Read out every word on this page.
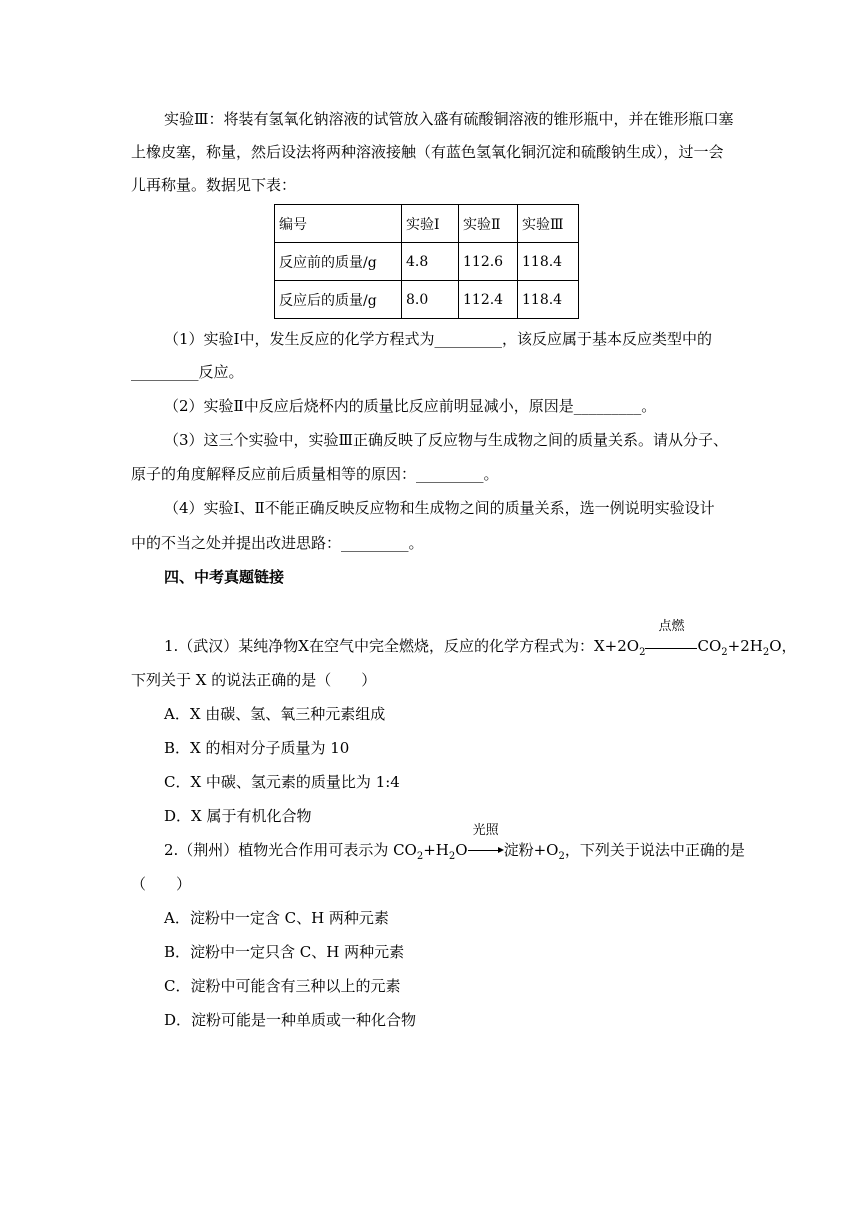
实验Ⅲ：将装有氢氧化钠溶液的试管放入盛有硫酸铜溶液的锥形瓶中，并在锥形瓶口塞
上橡皮塞，称量，然后设法将两种溶液接触（有蓝色氢氧化铜沉淀和硫酸钠生成），过一会
儿再称量。数据见下表：
编号	实验Ⅰ	实验Ⅱ	实验Ⅲ
反应前的质量/g	4.8	112.6	118.4
反应后的质量/g	8.0	112.4	118.4
（1）实验Ⅰ中，发生反应的化学方程式为_________，该反应属于基本反应类型中的
_________反应。
（2）实验Ⅱ中反应后烧杯内的质量比反应前明显减小，原因是_________。
（3）这三个实验中，实验Ⅲ正确反映了反应物与生成物之间的质量关系。请从分子、
原子的角度解释反应前后质量相等的原因：_________。
（4）实验Ⅰ、Ⅱ不能正确反映反应物和生成物之间的质量关系，选一例说明实验设计
中的不当之处并提出改进思路：_________。
四、中考真题链接
1.（武汉）某纯净物X在空气中完全燃烧，反应的化学方程式为：$X+2O_2$
点燃
$CO_2+2H_2O$，
下列关于 X 的说法正确的是（　　）
A．X 由碳、氢、氧三种元素组成
B．X 的相对分子质量为 10
C．X 中碳、氢元素的质量比为 1:4
D．X 属于有机化合物
2.（荆州）植物光合作用可表示为 $CO_2+H_2O$
光照
淀粉$+O_2$，下列关于说法中正确的是
（　　）
A．淀粉中一定含 C、H 两种元素
B．淀粉中一定只含 C、H 两种元素
C．淀粉中可能含有三种以上的元素
D．淀粉可能是一种单质或一种化合物
